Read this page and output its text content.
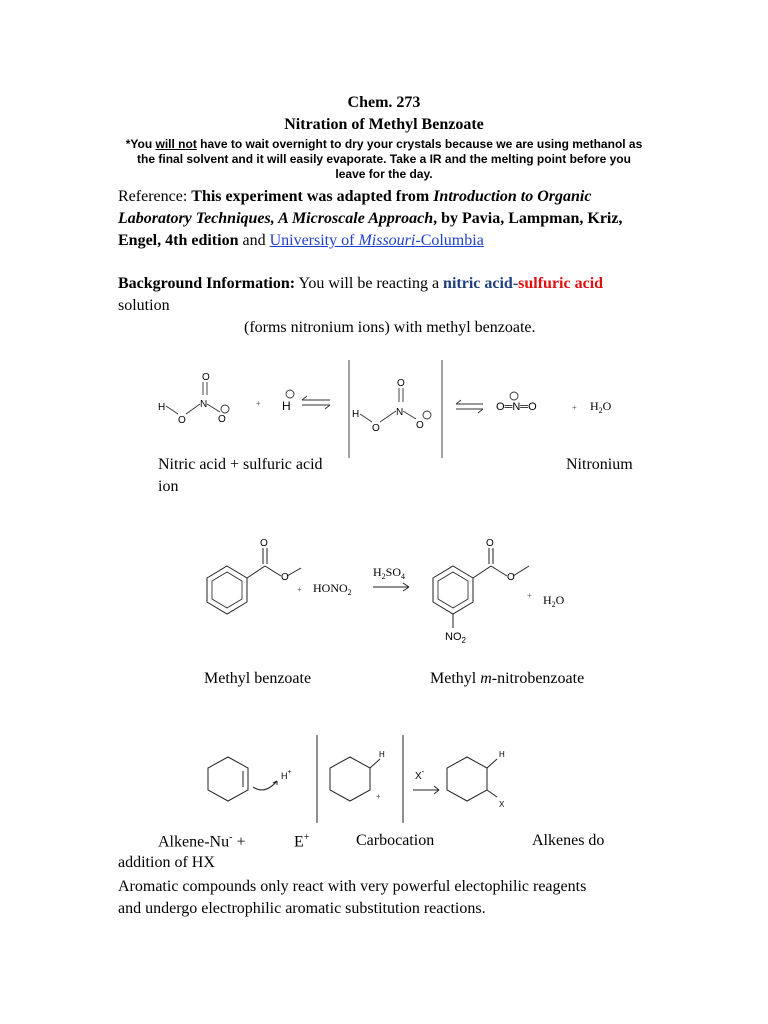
Chem. 273
Nitration of Methyl Benzoate
*You will not have to wait overnight to dry your crystals because we are using methanol as
the final solvent and it will easily evaporate. Take a IR and the melting point before you
leave for the day.
Reference: This experiment was adapted from Introduction to Organic Laboratory Techniques, A Microscale Approach, by Pavia, Lampman, Kriz, Engel, 4th edition and University of Missouri-Columbia
Background Information: You will be reacting a nitric acid-sulfuric acid
solution
(forms nitronium ions) with methyl benzoate.
H
O
N
O
O
+ H
H
O
N
O
O
O═N═O	+ $H_2O$
Nitric acid + sulfuric acid	Nitronium
ion
O
O
+ $HONO_2$
$H_2SO_4$
O
O
$NO_2$
+ $H_2O$
Methyl benzoate	Methyl m-nitrobenzoate
H+
H
+
X-
H
X
Alkene-Nu- +	E+	Carbocation	Alkenes do
addition of HX
Aromatic compounds only react with very powerful electophilic reagents
and undergo electrophilic aromatic substitution reactions.
